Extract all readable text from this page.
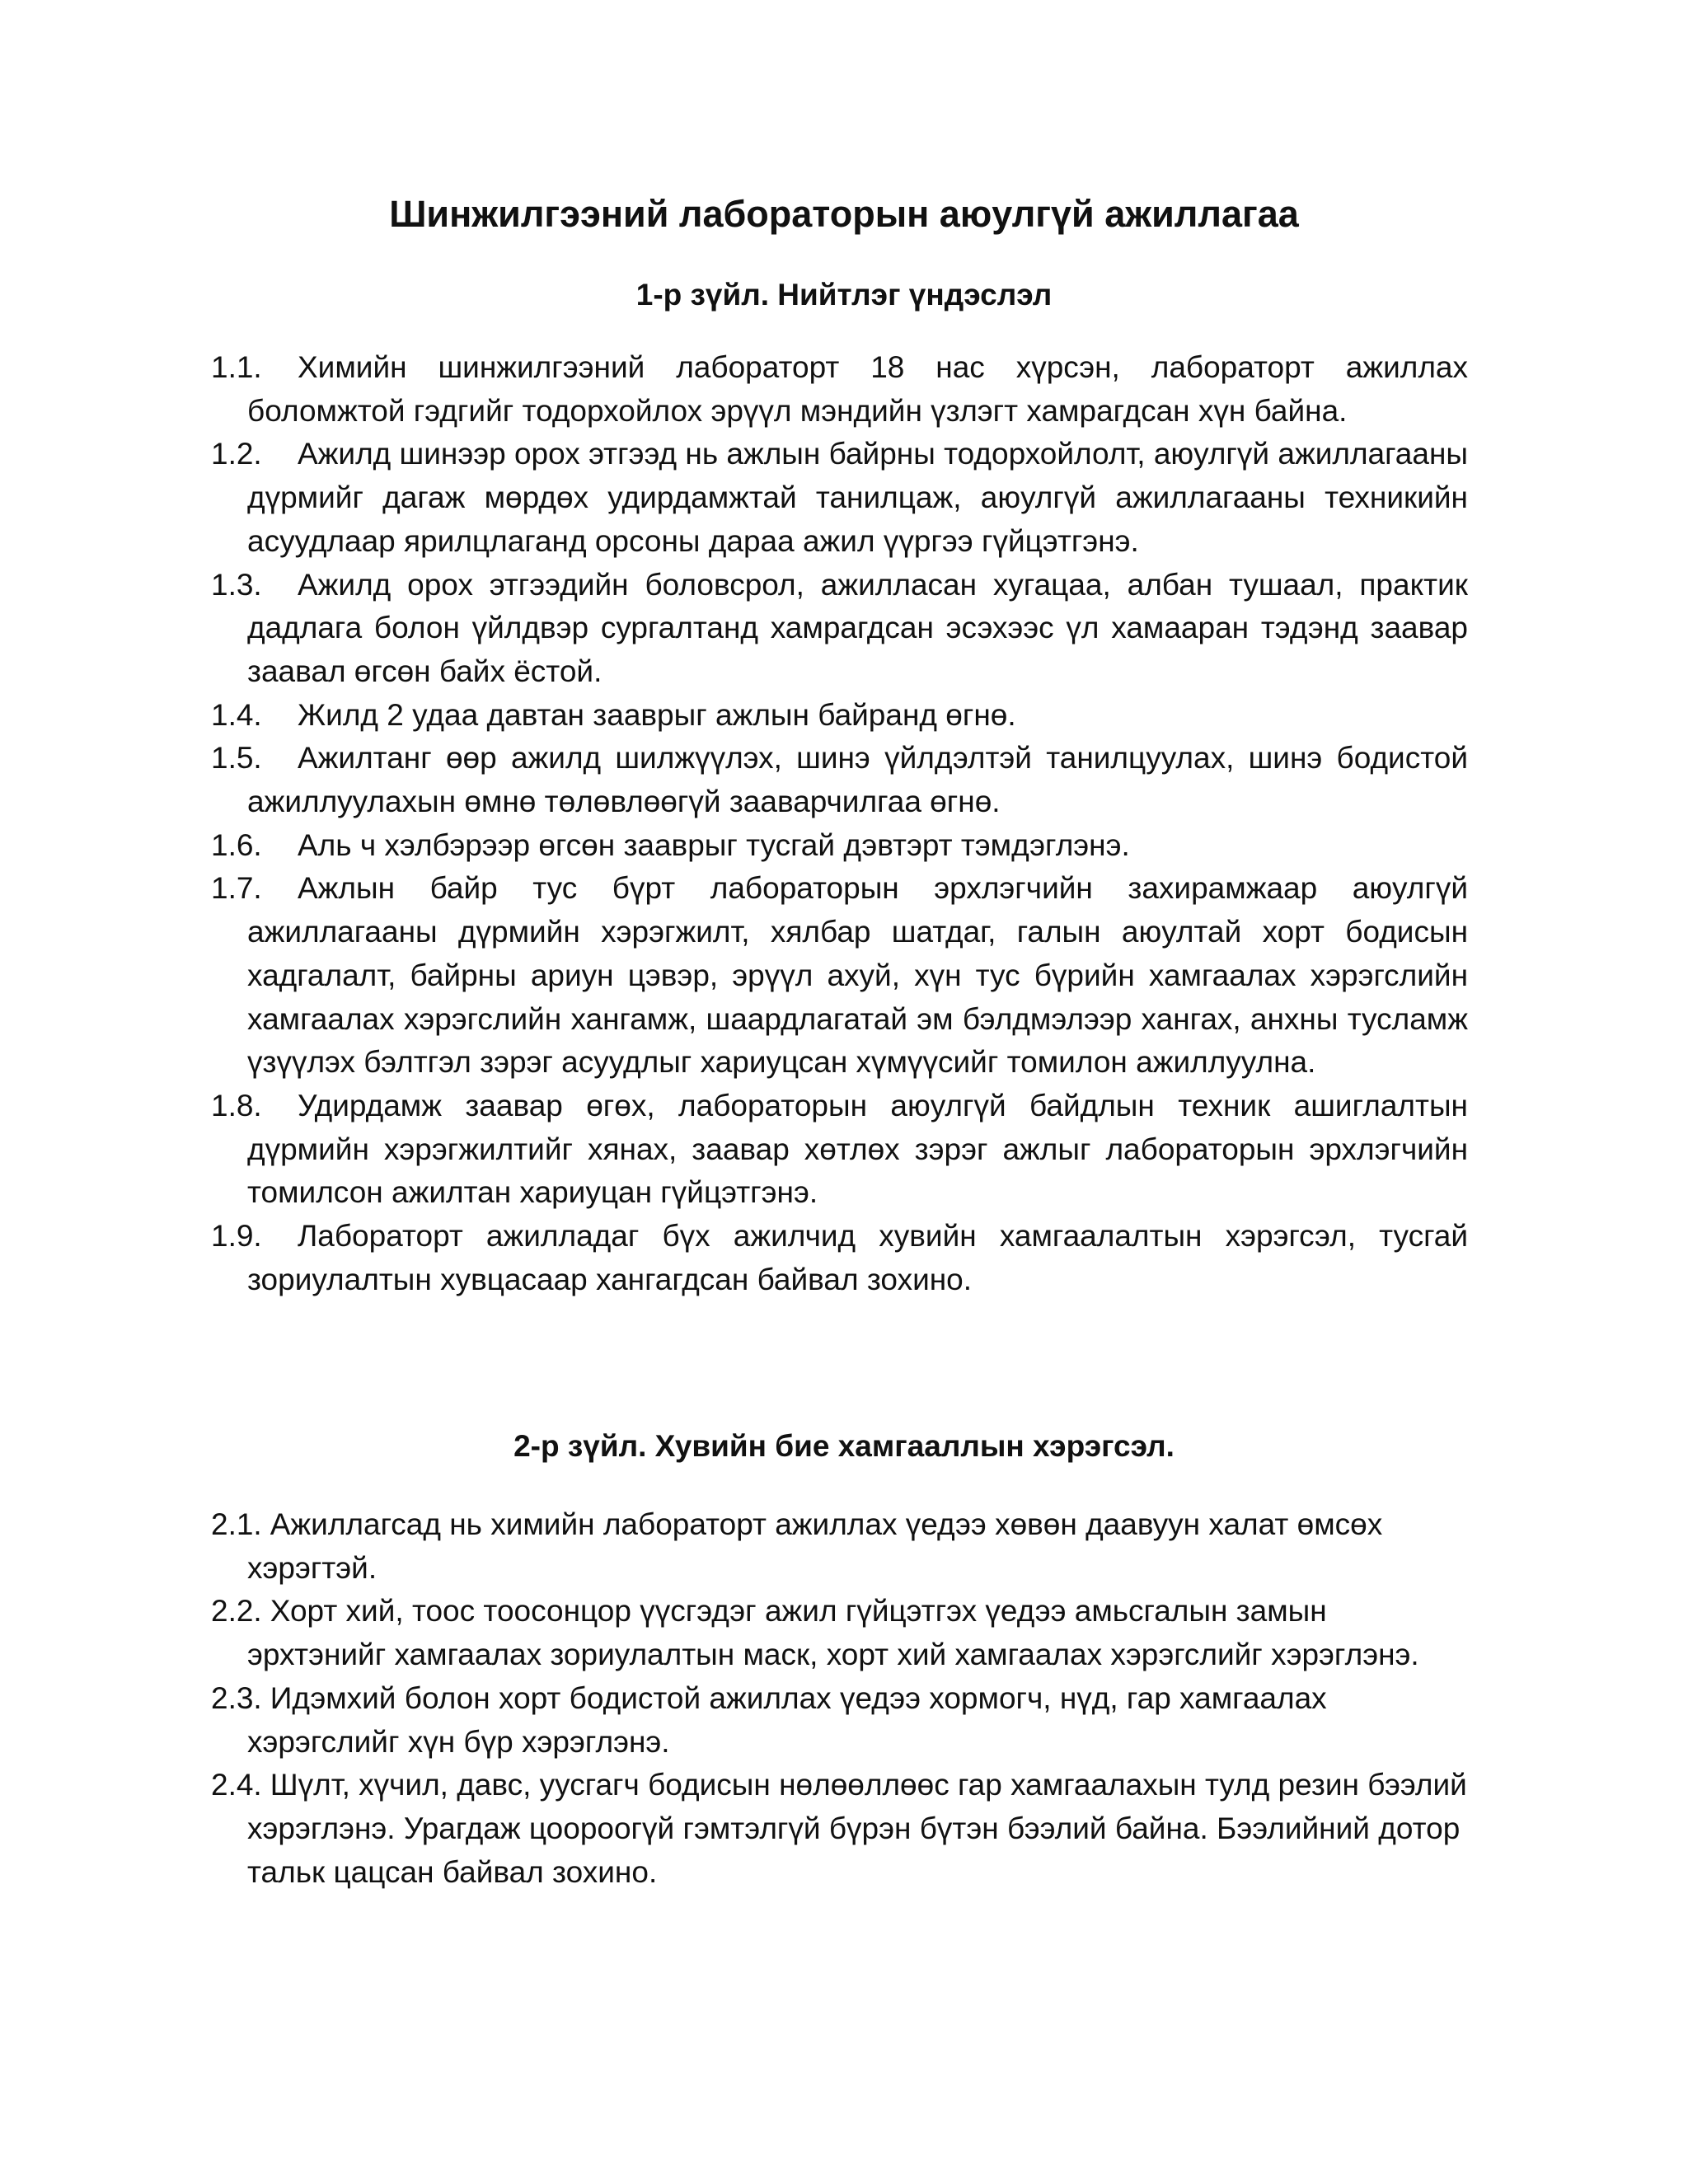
Шинжилгээний лабораторын аюулгүй ажиллагаа
1-р зүйл. Нийтлэг үндэслэл
1.1. Химийн шинжилгээний лабораторт 18 нас хүрсэн, лабораторт ажиллах боломжтой гэдгийг тодорхойлох эрүүл мэндийн үзлэгт хамрагдсан хүн байна.
1.2. Ажилд шинээр орох этгээд нь ажлын байрны тодорхойлолт, аюулгүй ажиллагааны дүрмийг дагаж мөрдөх удирдамжтай танилцаж, аюулгүй ажиллагааны техникийн асуудлаар ярилцлаганд орсоны дараа ажил үүргээ гүйцэтгэнэ.
1.3. Ажилд орох этгээдийн боловсрол, ажилласан хугацаа, албан тушаал, практик дадлага болон үйлдвэр сургалтанд хамрагдсан эсэхээс үл хамааран тэдэнд заавар заавал өгсөн байх ёстой.
1.4. Жилд 2 удаа давтан зааврыг ажлын байранд өгнө.
1.5. Ажилтанг өөр ажилд шилжүүлэх, шинэ үйлдэлтэй танилцуулах, шинэ бодистой ажиллуулахын өмнө төлөвлөөгүй зааварчилгаа өгнө.
1.6. Аль ч хэлбэрээр өгсөн зааврыг тусгай дэвтэрт тэмдэглэнэ.
1.7. Ажлын байр тус бүрт лабораторын эрхлэгчийн захирамжаар аюулгүй ажиллагааны дүрмийн хэрэгжилт, хялбар шатдаг, галын аюултай хорт бодисын хадгалалт, байрны ариун цэвэр, эрүүл ахуй, хүн тус бүрийн хамгаалах хэрэгслийн хамгаалах хэрэгслийн хангамж, шаардлагатай эм бэлдмэлээр хангах, анхны тусламж үзүүлэх бэлтгэл зэрэг асуудлыг хариуцсан хүмүүсийг томилон ажиллуулна.
1.8. Удирдамж заавар өгөх, лабораторын аюулгүй байдлын техник ашиглалтын дүрмийн хэрэгжилтийг хянах, заавар хөтлөх зэрэг ажлыг лабораторын эрхлэгчийн томилсон ажилтан хариуцан гүйцэтгэнэ.
1.9. Лабораторт ажилладаг бүх ажилчид хувийн хамгаалалтын хэрэгсэл, тусгай зориулалтын хувцасаар хангагдсан байвал зохино.
2-р зүйл. Хувийн бие хамгааллын хэрэгсэл.
2.1. Ажиллагсад нь химийн лабораторт ажиллах үедээ хөвөн даавуун халат өмсөх хэрэгтэй.
2.2. Хорт хий, тоос тоосонцор үүсгэдэг ажил гүйцэтгэх үедээ амьсгалын замын эрхтэнийг хамгаалах зориулалтын маск, хорт хий хамгаалах хэрэгслийг хэрэглэнэ.
2.3. Идэмхий болон хорт бодистой ажиллах үедээ хормогч, нүд, гар хамгаалах хэрэгслийг хүн бүр хэрэглэнэ.
2.4. Шүлт, хүчил, давс, уусгагч бодисын нөлөөллөөс гар хамгаалахын тулд резин бээлий хэрэглэнэ. Урагдаж цоороогүй гэмтэлгүй бүрэн бүтэн бээлий байна. Бээлийний дотор тальк цацсан байвал зохино.
